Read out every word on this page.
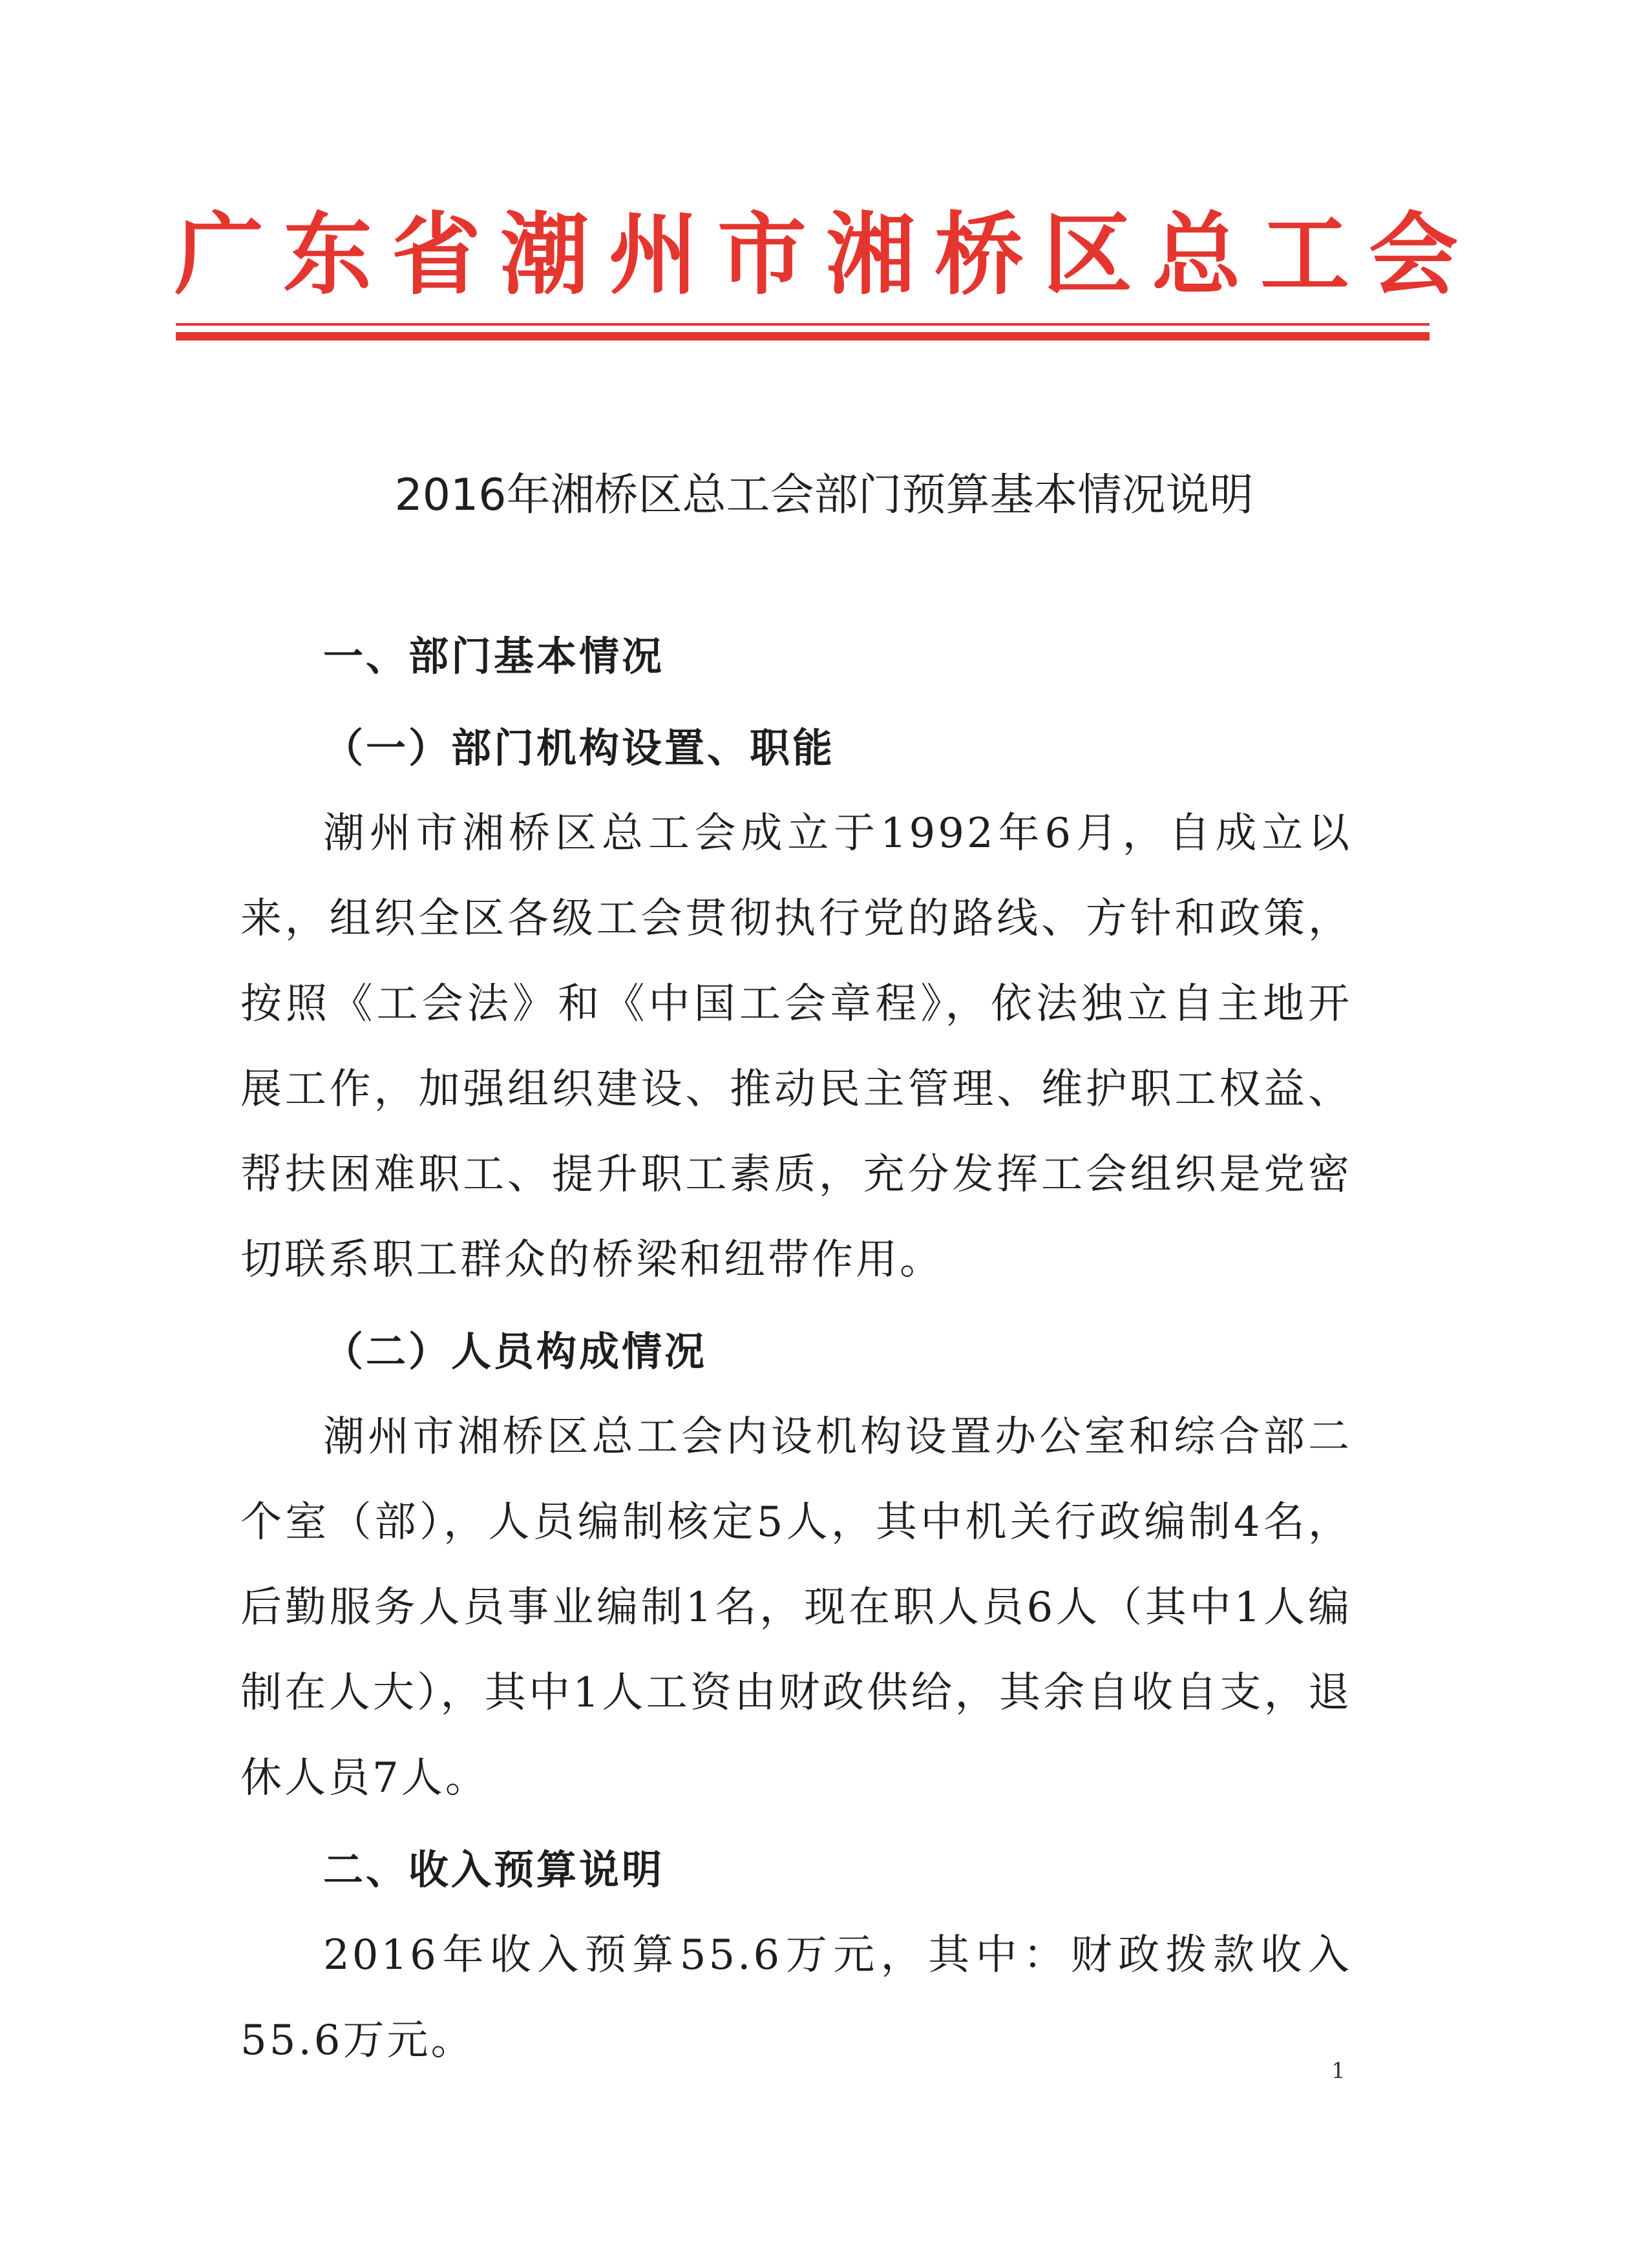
广东省潮州市湘桥区总工会
2016年湘桥区总工会部门预算基本情况说明

一、部门基本情况

（一）部门机构设置、职能

潮州市湘桥区总工会成立于1992年6月，自成立以来，组织全区各级工会贯彻执行党的路线、方针和政策，按照《工会法》和《中国工会章程》，依法独立自主地开展工作，加强组织建设、推动民主管理、维护职工权益、帮扶困难职工、提升职工素质，充分发挥工会组织是党密切联系职工群众的桥梁和纽带作用。

（二）人员构成情况

潮州市湘桥区总工会内设机构设置办公室和综合部二个室（部），人员编制核定5人，其中机关行政编制4名，后勤服务人员事业编制1名，现在职人员6人（其中1人编制在人大），其中1人工资由财政供给，其余自收自支，退休人员7人。

二、收入预算说明

2016年收入预算55.6万元，其中：财政拨款收入55.6万元。

1
